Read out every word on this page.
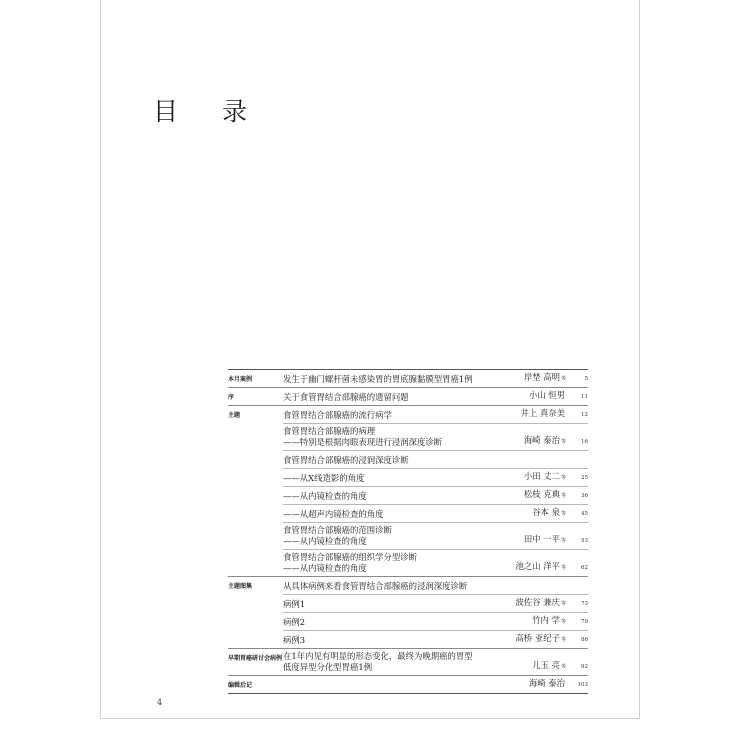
目 录
本月案例	发生于幽门螺杆菌未感染胃的胃底腺黏膜型胃癌1例	岸埜 高明等	5
序	关于食管胃结合部腺癌的遗留问题	小山 恒男	11
主题	食管胃结合部腺癌的流行病学	井上 真奈美	12
食管胃结合部腺癌的病理
——特别是根据肉眼表现进行浸润深度诊断	海崎 泰治等	16
食管胃结合部腺癌的浸润深度诊断
——从X线造影的角度	小田 丈二等	25
——从内镜检查的角度	松枝 克典等	36
——从超声内镜检查的角度	谷本 泉等	45
食管胃结合部腺癌的范围诊断
——从内镜检查的角度	田中 一平等	53
食管胃结合部腺癌的组织学分型诊断
——从内镜检查的角度	池之山 洋平等	62
主题图集	从具体病例来看食管胃结合部腺癌的浸润深度诊断
病例1	波佐谷 兼庆等	73
病例2	竹内 学等	79
病例3	高桥 亚纪子等	86
早期胃癌研讨会病例 在1年内见有明显的形态变化，最终为晚期癌的胃型
低度异型分化型胃癌1例	儿玉 亮等	92
编辑后记	海崎 泰治	103
4
